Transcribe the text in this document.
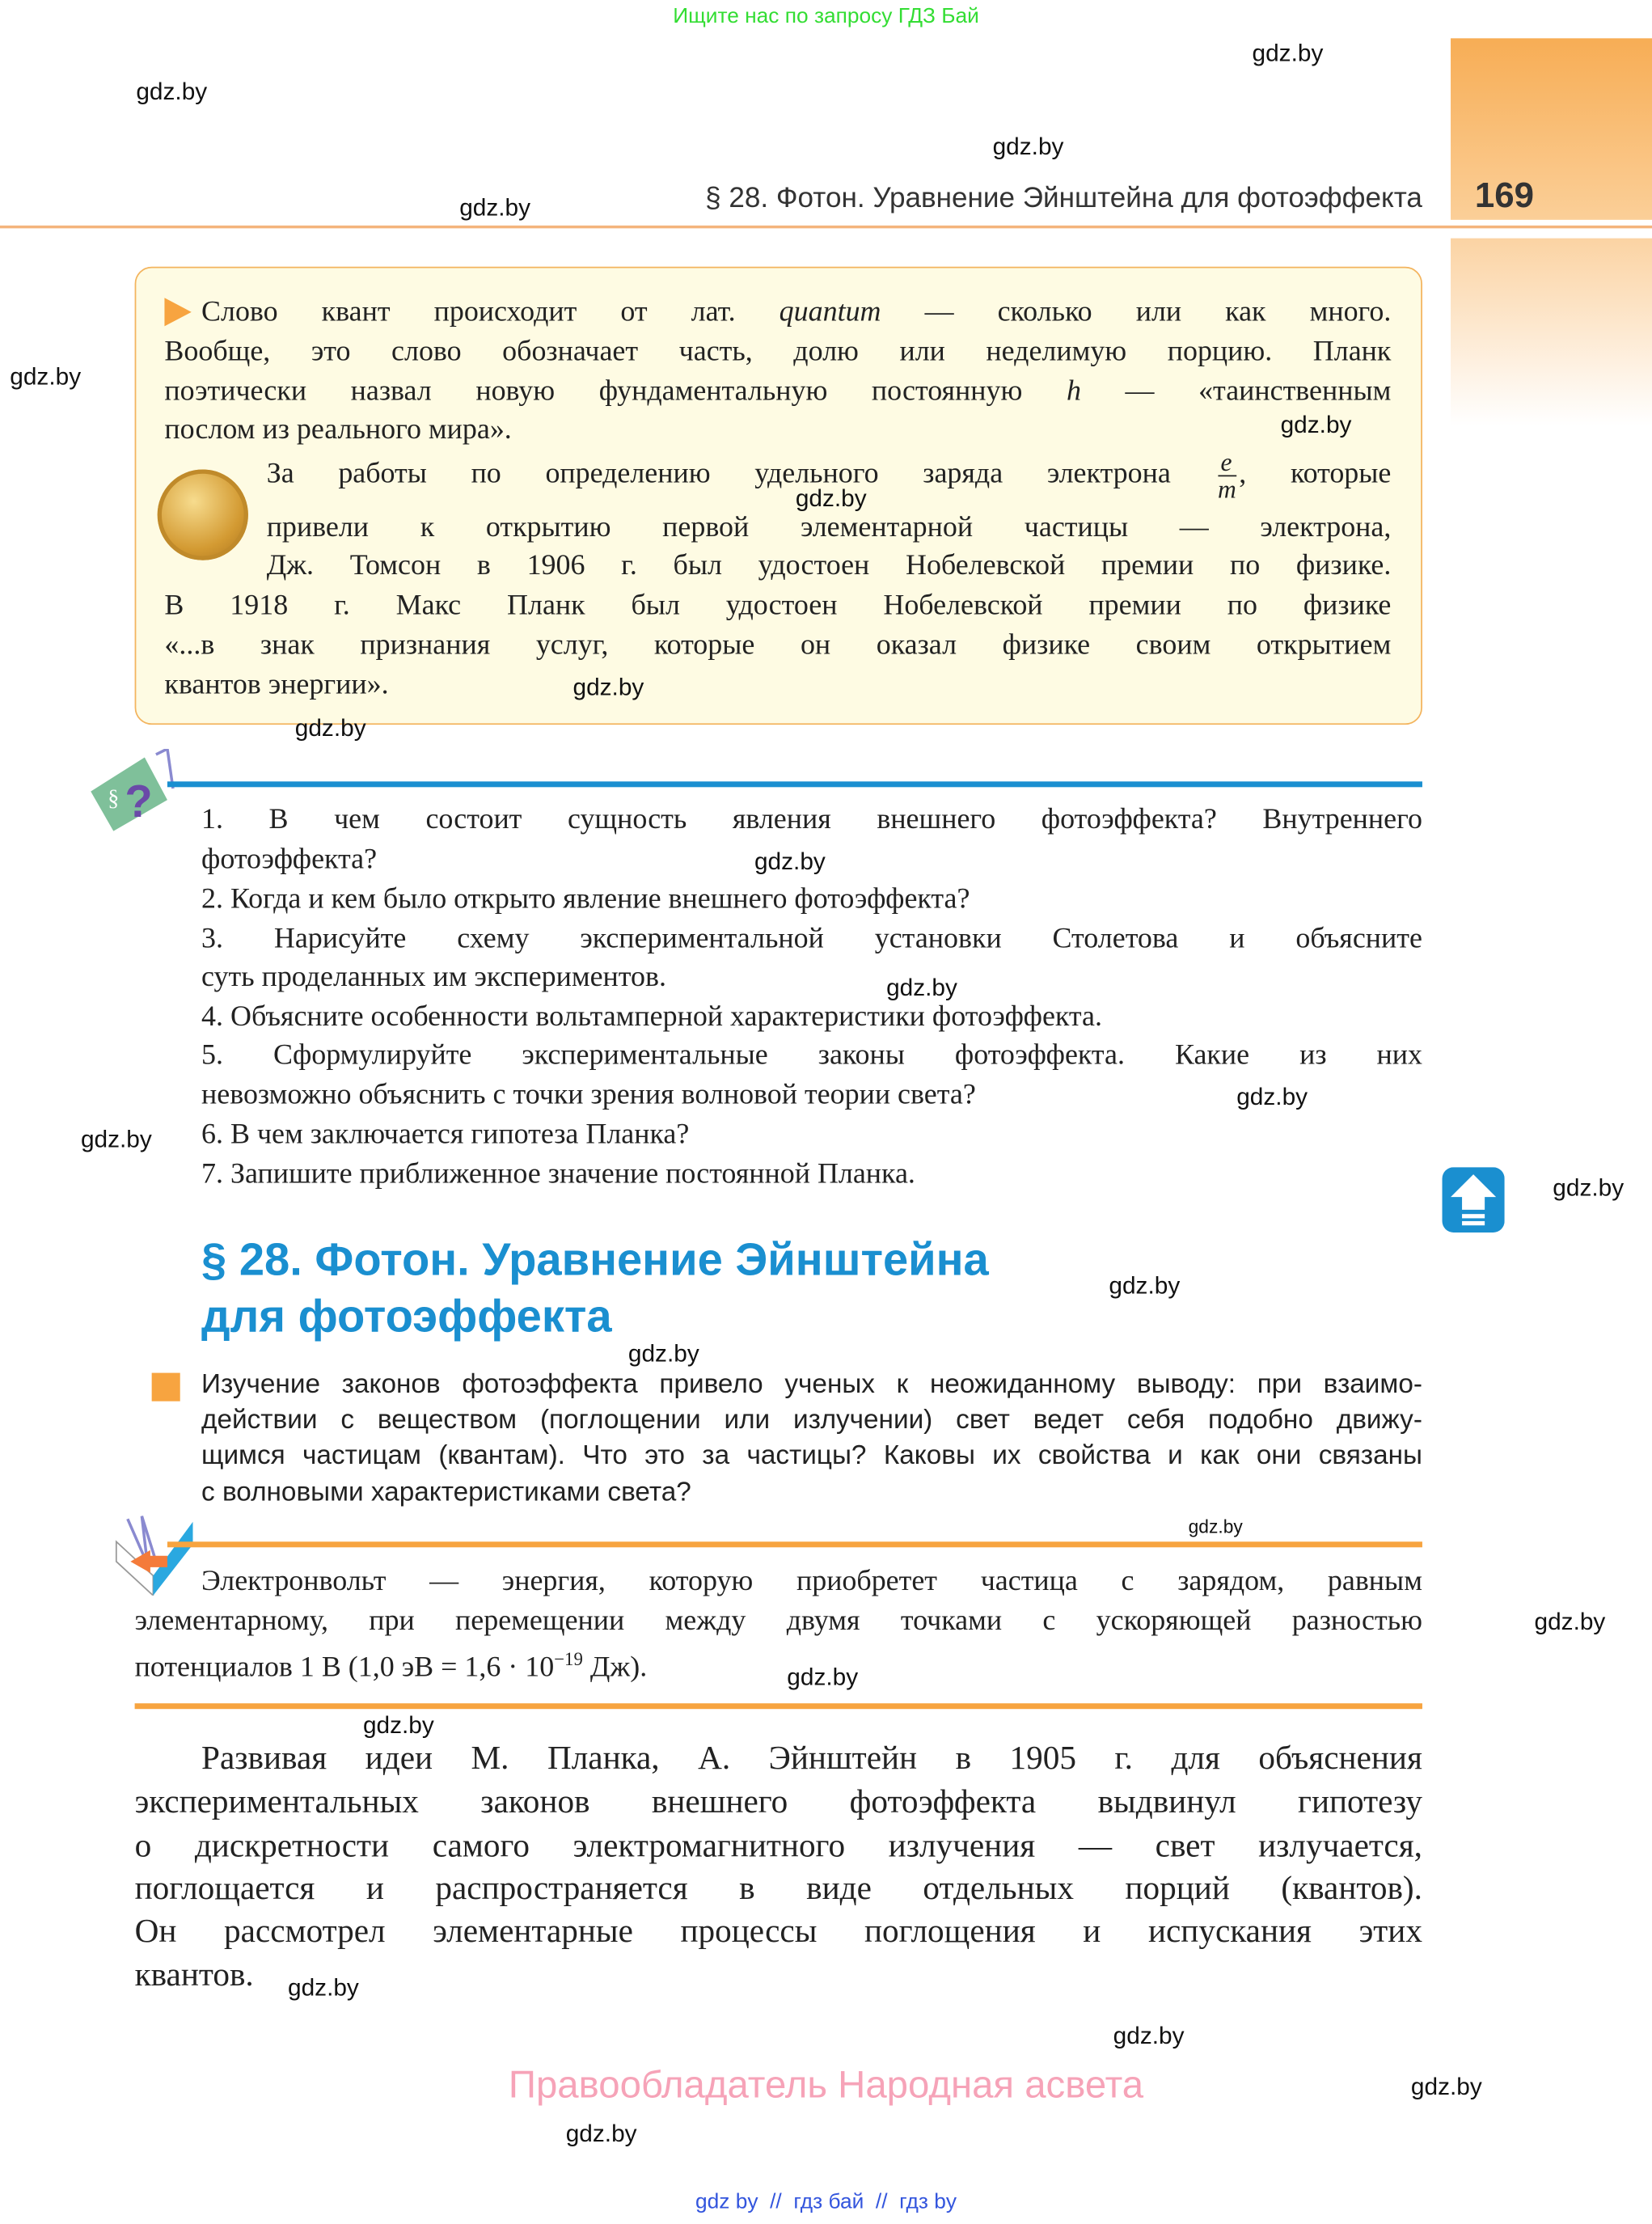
Ищите нас по запросу ГДЗ Бай
169
§ 28. Фотон. Уравнение Эйнштейна для фотоэффекта
Слово квант происходит от лат.	quantum	— сколько или как много.
Вообще, это слово обозначает часть, долю или неделимую порцию. Планк
поэтически назвал новую фундаментальную постоянную	h	— «таинственным
послом из реального мира».
За работы по определению удельного заряда электрона	$\frac{e}{m}$ , которые
привели к открытию первой элементарной частицы — электрона,
Дж. Томсон в 1906 г. был удостоен Нобелевской премии по физике.
В 1918 г. Макс Планк был удостоен Нобелевской премии по физике
«...в знак признания услуг, которые он оказал физике своим открытием
квантов энергии».
§ ?	1. В чем состоит сущность явления внешнего фотоэффекта? Внутреннего
фотоэффекта?
2. Когда и кем было открыто явление внешнего фотоэффекта?
3. Нарисуйте схему экспериментальной установки Столетова и объясните
суть проделанных им экспериментов.
4. Объясните особенности вольтамперной характеристики фотоэффекта.
5. Сформулируйте экспериментальные законы фотоэффекта. Какие из них
невозможно объяснить с точки зрения волновой теории света?
6. В чем заключается гипотеза Планка?
7. Запишите приближенное значение постоянной Планка.
§ 28. Фотон. Уравнение Эйнштейна
для фотоэффекта
Изучение законов фотоэффекта привело ученых к неожиданному выводу: при взаимо-
действии с веществом (поглощении или излучении) свет ведет себя подобно движу-
щимся частицам (квантам). Что это за частицы? Каковы их свойства и как они связаны
с волновыми характеристиками света?
Электронвольт — энергия, которую приобретет частица с зарядом, равным
элементарному, при перемещении между двумя точками с ускоряющей разностью
потенциалов 1 В (1,0 эВ = $1,6 \cdot 10^{-19}$ Дж).
Развивая идеи М. Планка, А. Эйнштейн в 1905 г. для объяснения
экспериментальных законов внешнего фотоэффекта выдвинул гипотезу
о дискретности самого электромагнитного излучения — свет излучается,
поглощается и распространяется в виде отдельных порций (квантов).
Он рассмотрел элементарные процессы поглощения и испускания этих
квантов.
Правообладатель Народная асвета
gdz by  //  гдз бай  //  гдз by
gdz.by
gdz.by
gdz.by
gdz.by
gdz.by
gdz.by
gdz.by
gdz.by
gdz.by
gdz.by
gdz.by
gdz.by
gdz.by
gdz.by
gdz.by
gdz.by
gdz.by
gdz.by
gdz.by
gdz.by
gdz.by
gdz.by
gdz.by
gdz.by
